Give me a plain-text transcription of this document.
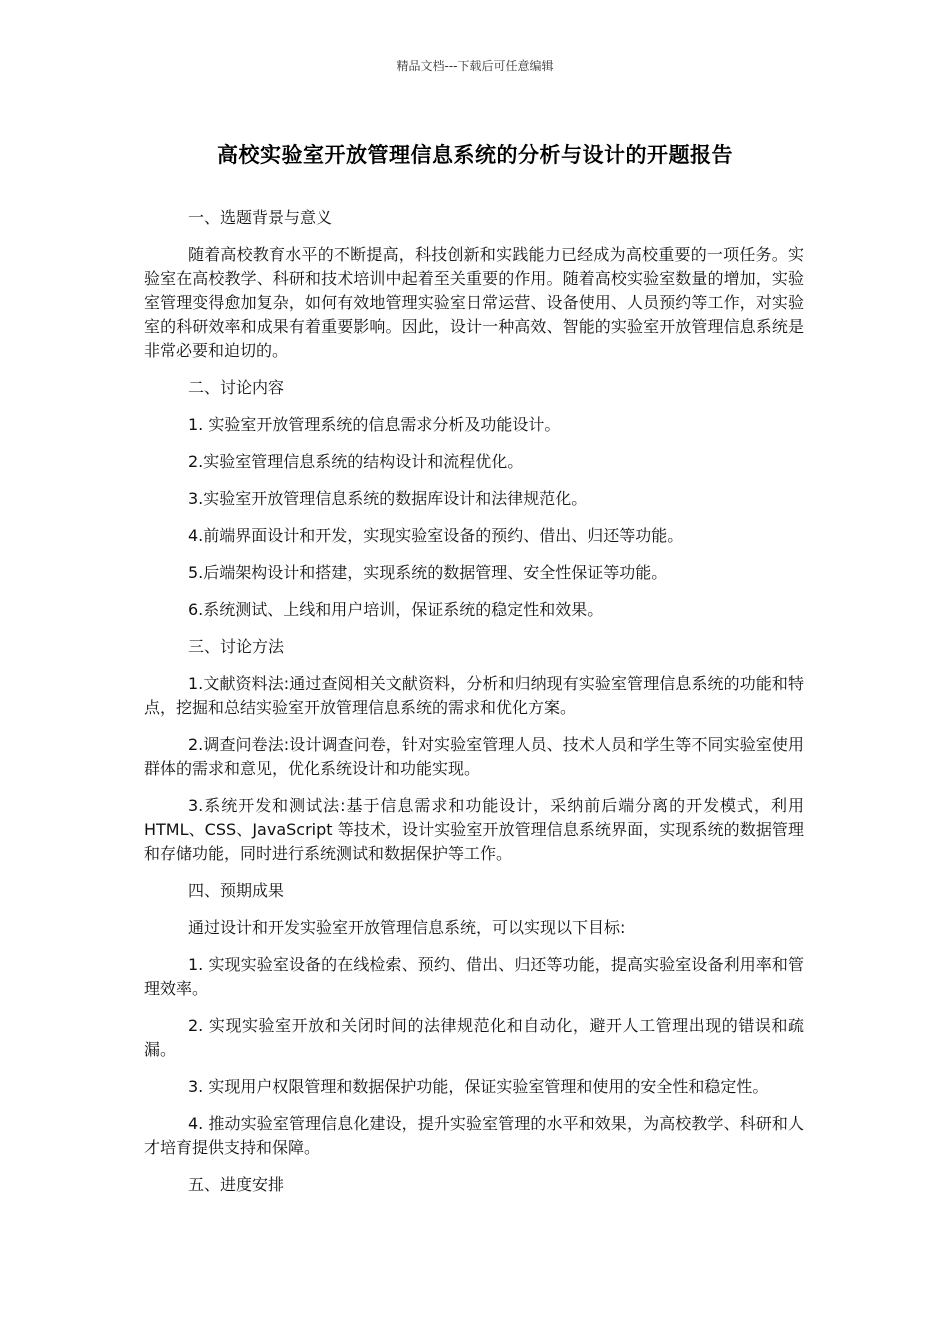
精品文档---下载后可任意编辑
高校实验室开放管理信息系统的分析与设计的开题报告

一、选题背景与意义

随着高校教育水平的不断提高，科技创新和实践能力已经成为高校重要的一项任务。实验室在高校教学、科研和技术培训中起着至关重要的作用。随着高校实验室数量的增加，实验室管理变得愈加复杂，如何有效地管理实验室日常运营、设备使用、人员预约等工作，对实验室的科研效率和成果有着重要影响。因此，设计一种高效、智能的实验室开放管理信息系统是非常必要和迫切的。

二、讨论内容

1. 实验室开放管理系统的信息需求分析及功能设计。

2.实验室管理信息系统的结构设计和流程优化。

3.实验室开放管理信息系统的数据库设计和法律规范化。

4.前端界面设计和开发，实现实验室设备的预约、借出、归还等功能。

5.后端架构设计和搭建，实现系统的数据管理、安全性保证等功能。

6.系统测试、上线和用户培训，保证系统的稳定性和效果。

三、讨论方法

1.文献资料法:通过查阅相关文献资料，分析和归纳现有实验室管理信息系统的功能和特点，挖掘和总结实验室开放管理信息系统的需求和优化方案。

2.调查问卷法:设计调查问卷，针对实验室管理人员、技术人员和学生等不同实验室使用群体的需求和意见，优化系统设计和功能实现。

3.系统开发和测试法:基于信息需求和功能设计，采纳前后端分离的开发模式，利用 HTML、CSS、JavaScript 等技术，设计实验室开放管理信息系统界面，实现系统的数据管理和存储功能，同时进行系统测试和数据保护等工作。

四、预期成果

通过设计和开发实验室开放管理信息系统，可以实现以下目标:

1. 实现实验室设备的在线检索、预约、借出、归还等功能，提高实验室设备利用率和管理效率。

2. 实现实验室开放和关闭时间的法律规范化和自动化，避开人工管理出现的错误和疏漏。

3. 实现用户权限管理和数据保护功能，保证实验室管理和使用的安全性和稳定性。

4. 推动实验室管理信息化建设，提升实验室管理的水平和效果，为高校教学、科研和人才培育提供支持和保障。

五、进度安排
